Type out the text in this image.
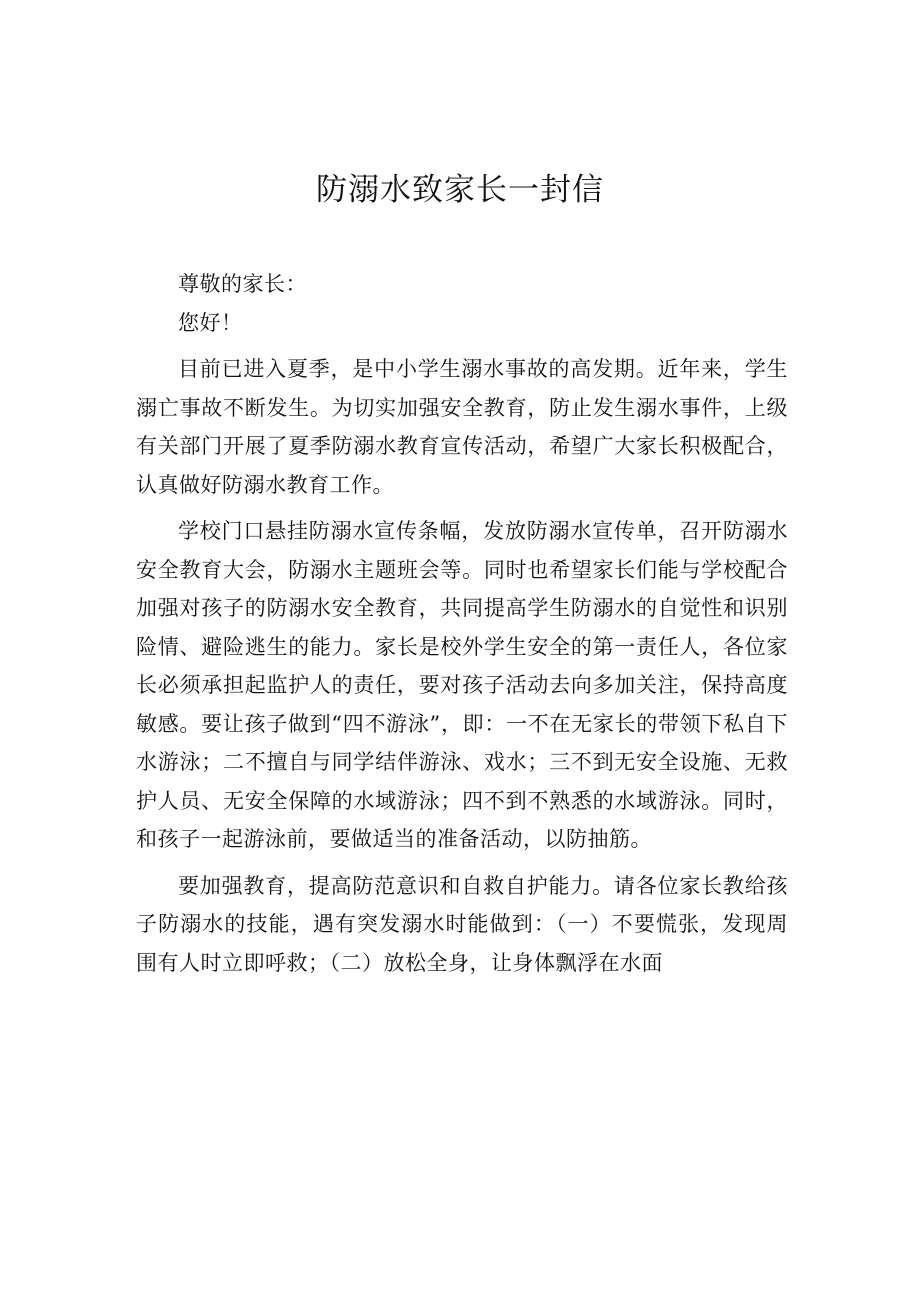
防溺水致家长一封信

尊敬的家长：

您好！

目前已进入夏季，是中小学生溺水事故的高发期。近年来，学生溺亡事故不断发生。为切实加强安全教育，防止发生溺水事件，上级有关部门开展了夏季防溺水教育宣传活动，希望广大家长积极配合，认真做好防溺水教育工作。

学校门口悬挂防溺水宣传条幅，发放防溺水宣传单，召开防溺水安全教育大会，防溺水主题班会等。同时也希望家长们能与学校配合加强对孩子的防溺水安全教育，共同提高学生防溺水的自觉性和识别险情、避险逃生的能力。家长是校外学生安全的第一责任人，各位家长必须承担起监护人的责任，要对孩子活动去向多加关注，保持高度敏感。要让孩子做到“四不游泳”，即：一不在无家长的带领下私自下水游泳；二不擅自与同学结伴游泳、戏水；三不到无安全设施、无救护人员、无安全保障的水域游泳；四不到不熟悉的水域游泳。同时，和孩子一起游泳前，要做适当的准备活动，以防抽筋。

要加强教育，提高防范意识和自救自护能力。请各位家长教给孩子防溺水的技能，遇有突发溺水时能做到：（一）不要慌张，发现周围有人时立即呼救；（二）放松全身，让身体飘浮在水面
